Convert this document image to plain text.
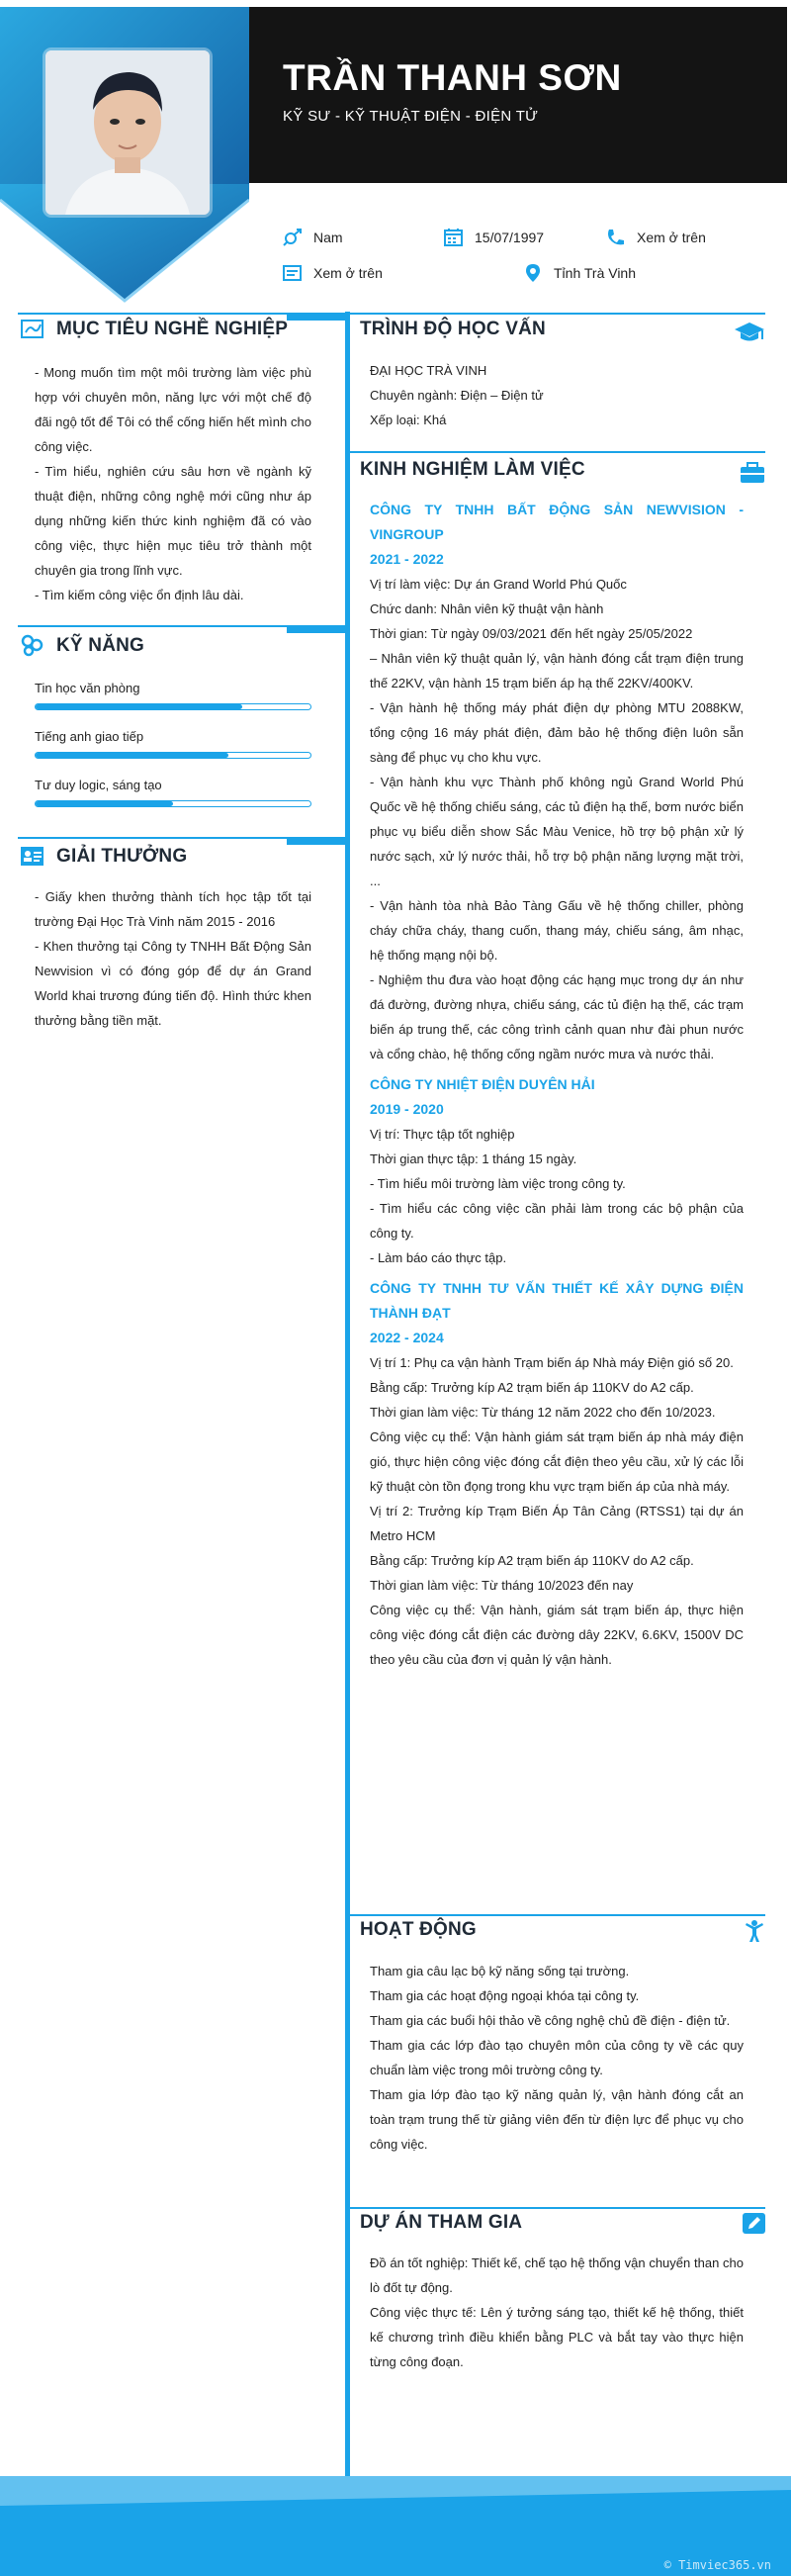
TRẦN THANH SƠN
KỸ SƯ - KỸ THUẬT ĐIỆN - ĐIỆN TỬ
Nam	15/07/1997	Xem ở trên
Xem ở trên	Tỉnh Trà Vinh
MỤC TIÊU NGHỀ NGHIỆP

- Mong muốn tìm một môi trường làm việc phù hợp với chuyên môn, năng lực với một chế độ đãi ngộ tốt để Tôi có thể cống hiến hết mình cho công việc.

- Tìm hiểu, nghiên cứu sâu hơn về ngành kỹ thuật điện, những công nghệ mới cũng như áp dụng những kiến thức kinh nghiệm đã có vào công việc, thực hiện mục tiêu trở thành một chuyên gia trong lĩnh vực.

- Tìm kiếm công việc ổn định lâu dài.

KỸ NĂNG
Tin học văn phòng
Tiếng anh giao tiếp
Tư duy logic, sáng tạo
GIẢI THƯỞNG

- Giấy khen thưởng thành tích học tập tốt tại trường Đại Học Trà Vinh năm 2015 - 2016

- Khen thưởng tại Công ty TNHH Bất Động Sản Newvision vì có đóng góp để dự án Grand World khai trương đúng tiến độ. Hình thức khen thưởng bằng tiền mặt.

TRÌNH ĐỘ HỌC VẤN

ĐẠI HỌC TRÀ VINH

Chuyên ngành: Điện – Điện tử

Xếp loại: Khá

KINH NGHIỆM LÀM VIỆC

CÔNG TY TNHH BẤT ĐỘNG SẢN NEWVISION - VINGROUP

2021 - 2022

Vị trí làm việc: Dự án Grand World Phú Quốc

Chức danh: Nhân viên kỹ thuật vận hành

Thời gian: Từ ngày 09/03/2021 đến hết ngày 25/05/2022

– Nhân viên kỹ thuật quản lý, vận hành đóng cắt trạm điện trung thế 22KV, vận hành 15 trạm biến áp hạ thế 22KV/400KV.

- Vận hành hệ thống máy phát điện dự phòng MTU 2088KW, tổng cộng 16 máy phát điện, đảm bảo hệ thống điện luôn sẵn sàng để phục vụ cho khu vực.

- Vận hành khu vực Thành phố không ngủ Grand World Phú Quốc về hệ thống chiếu sáng, các tủ điện hạ thế, bơm nước biển phục vụ biểu diễn show Sắc Màu Venice, hồ trợ bộ phận xử lý nước sạch, xử lý nước thải, hỗ trợ bộ phận năng lượng mặt trời, ...

- Vận hành tòa nhà Bảo Tàng Gấu về hệ thống chiller, phòng cháy chữa cháy, thang cuốn, thang máy, chiếu sáng, âm nhạc, hệ thống mạng nội bộ.

- Nghiệm thu đưa vào hoạt động các hạng mục trong dự án như đá đường, đường nhựa, chiếu sáng, các tủ điện hạ thế, các trạm biến áp trung thế, các công trình cảnh quan như đài phun nước và cổng chào, hệ thống cống ngầm nước mưa và nước thải.

CÔNG TY NHIỆT ĐIỆN DUYÊN HẢI

2019 - 2020

Vị trí: Thực tập tốt nghiệp

Thời gian thực tập: 1 tháng 15 ngày.

- Tìm hiểu môi trường làm việc trong công ty.

- Tìm hiểu các công việc cần phải làm trong các bộ phận của công ty.

- Làm báo cáo thực tập.

CÔNG TY TNHH TƯ VẤN THIẾT KẾ XÂY DỰNG ĐIỆN THÀNH ĐẠT

2022 - 2024

Vị trí 1: Phụ ca vận hành Trạm biến áp Nhà máy Điện gió số 20.

Bằng cấp: Trưởng kíp A2 trạm biến áp 110KV do A2 cấp.

Thời gian làm việc: Từ tháng 12 năm 2022 cho đến 10/2023.

Công việc cụ thể: Vận hành giám sát trạm biến áp nhà máy điện gió, thực hiện công việc đóng cắt điện theo yêu cầu, xử lý các lỗi kỹ thuật còn tồn đọng trong khu vực trạm biến áp của nhà máy.

Vị trí 2: Trưởng kíp Trạm Biến Áp Tân Cảng (RTSS1) tại dự án Metro HCM

Bằng cấp: Trưởng kíp A2 trạm biến áp 110KV do A2 cấp.

Thời gian làm việc: Từ tháng 10/2023 đến nay

Công việc cụ thể: Vận hành, giám sát trạm biến áp, thực hiện công việc đóng cắt điện các đường dây 22KV, 6.6KV, 1500V DC theo yêu cầu của đơn vị quản lý vận hành.

HOẠT ĐỘNG

Tham gia câu lạc bộ kỹ năng sống tại trường.

Tham gia các hoạt động ngoại khóa tại công ty.

Tham gia các buổi hội thảo về công nghệ chủ đề điện - điện tử.

Tham gia các lớp đào tạo chuyên môn của công ty về các quy chuẩn làm việc trong môi trường công ty.

Tham gia lớp đào tạo kỹ năng quản lý, vận hành đóng cắt an toàn trạm trung thế từ giảng viên đến từ điện lực để phục vụ cho công việc.

DỰ ÁN THAM GIA

Đồ án tốt nghiệp: Thiết kế, chế tạo hệ thống vận chuyển than cho lò đốt tự động.

Công việc thực tế: Lên ý tưởng sáng tạo, thiết kế hệ thống, thiết kế chương trình điều khiển bằng PLC và bắt tay vào thực hiện từng công đoạn.

© Timviec365.vn
